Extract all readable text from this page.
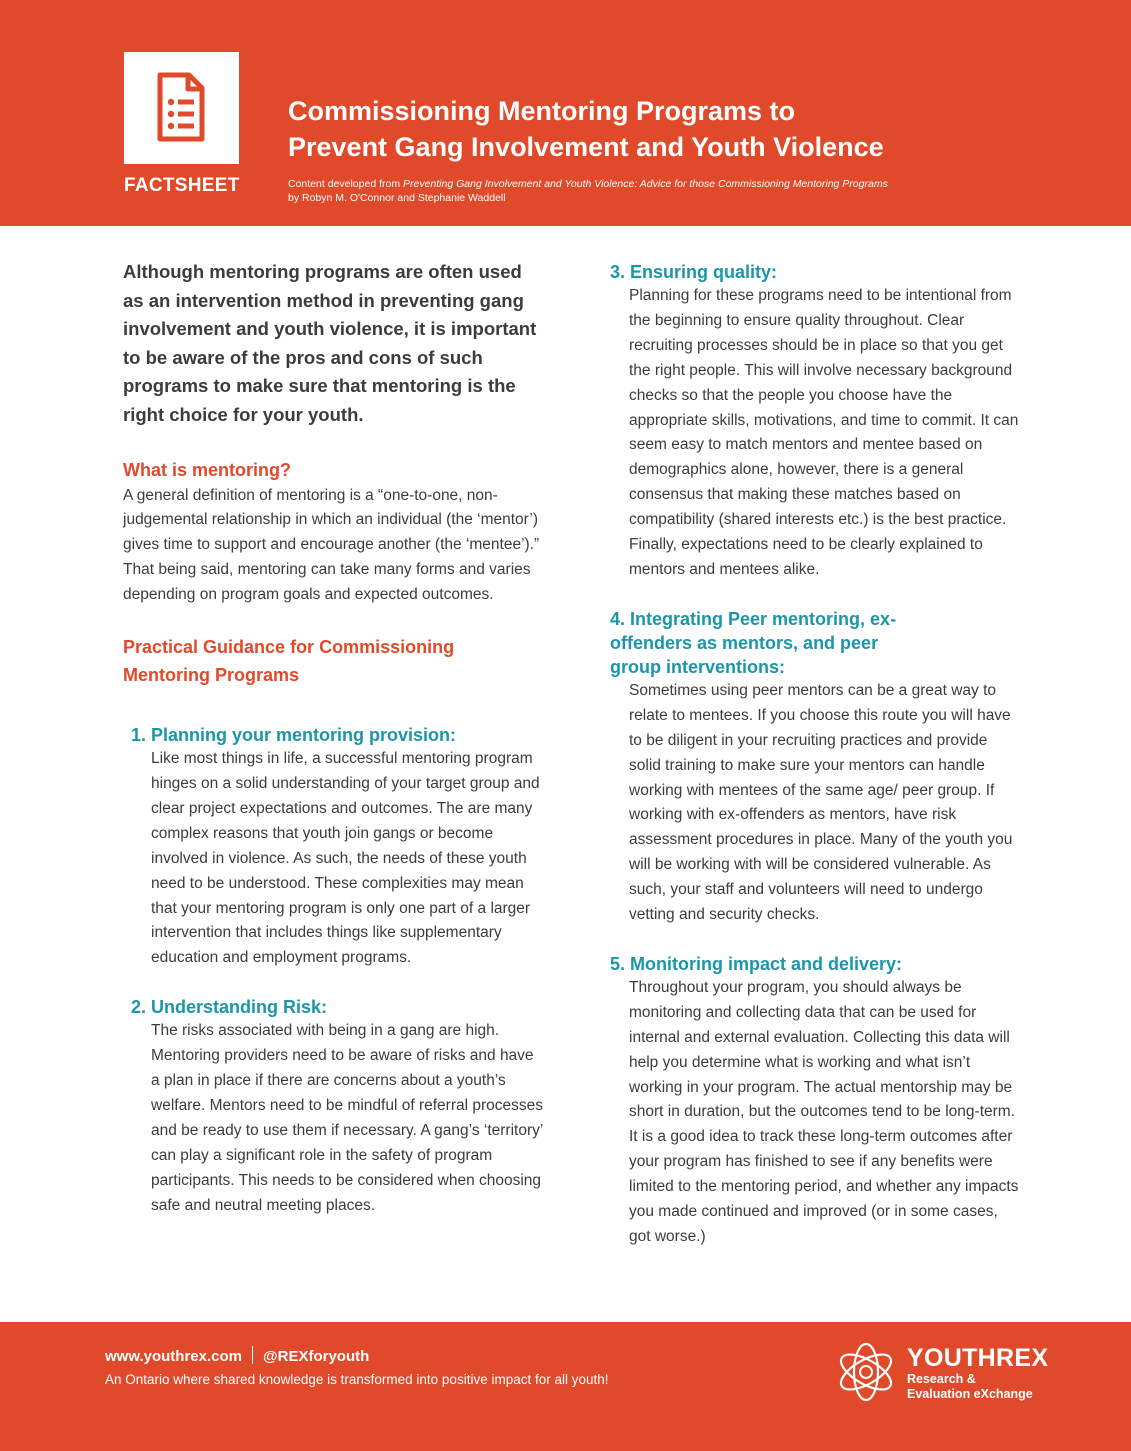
FACTSHEET
Commissioning Mentoring Programs to
Prevent Gang Involvement and Youth Violence
Content developed from Preventing Gang Involvement and Youth Violence: Advice for those Commissioning Mentoring Programs
by Robyn M. O'Connor and Stephanie Waddell

Although mentoring programs are often used as an intervention method in preventing gang involvement and youth violence, it is important to be aware of the pros and cons of such programs to make sure that mentoring is the right choice for your youth.

What is mentoring?

A general definition of mentoring is a “one-to-one, non-judgemental relationship in which an individual (the ‘mentor’) gives time to support and encourage another (the ‘mentee’).” That being said, mentoring can take many forms and varies depending on program goals and expected outcomes.

Practical Guidance for Commissioning Mentoring Programs

1. Planning your mentoring provision:

Like most things in life, a successful mentoring program hinges on a solid understanding of your target group and clear project expectations and outcomes. The are many complex reasons that youth join gangs or become involved in violence. As such, the needs of these youth need to be understood. These complexities may mean that your mentoring program is only one part of a larger intervention that includes things like supplementary education and employment programs.

2. Understanding Risk:

The risks associated with being in a gang are high. Mentoring providers need to be aware of risks and have a plan in place if there are concerns about a youth’s welfare. Mentors need to be mindful of referral processes and be ready to use them if necessary. A gang’s ‘territory’ can play a significant role in the safety of program participants. This needs to be considered when choosing safe and neutral meeting places.

3. Ensuring quality:

Planning for these programs need to be intentional from the beginning to ensure quality throughout. Clear recruiting processes should be in place so that you get the right people. This will involve necessary background checks so that the people you choose have the appropriate skills, motivations, and time to commit. It can seem easy to match mentors and mentee based on demographics alone, however, there is a general consensus that making these matches based on compatibility (shared interests etc.) is the best practice. Finally, expectations need to be clearly explained to mentors and mentees alike.

4. Integrating Peer mentoring, ex-offenders as mentors, and peer group interventions:

Sometimes using peer mentors can be a great way to relate to mentees. If you choose this route you will have to be diligent in your recruiting practices and provide solid training to make sure your mentors can handle working with mentees of the same age/ peer group. If working with ex-offenders as mentors, have risk assessment procedures in place. Many of the youth you will be working with will be considered vulnerable. As such, your staff and volunteers will need to undergo vetting and security checks.

5. Monitoring impact and delivery:

Throughout your program, you should always be monitoring and collecting data that can be used for internal and external evaluation. Collecting this data will help you determine what is working and what isn’t working in your program. The actual mentorship may be short in duration, but the outcomes tend to be long-term. It is a good idea to track these long-term outcomes after your program has finished to see if any benefits were limited to the mentoring period, and whether any impacts you made continued and improved (or in some cases, got worse.)

www.youthrex.com @REXforyouth
An Ontario where shared knowledge is transformed into positive impact for all youth!
YOUTHREX
Research &
Evaluation eXchange
